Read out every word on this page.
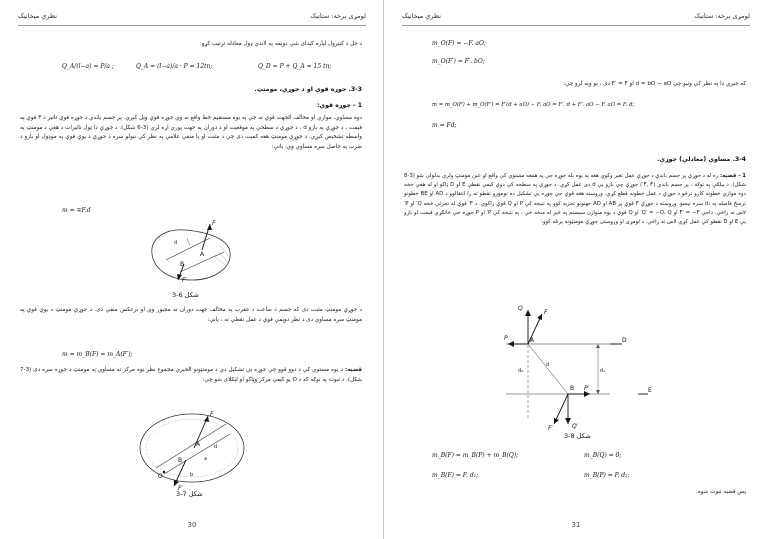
نظري میخانیک	لومړی برخه: ستاتیک
د حل د کنټرول لپاره کیدای شي دوېمه په لاندي ډول معادله ترتیب کړو:
Q_A/(l−a) = P/a ;	Q_A = (l−a)/a · P = 12tn;	Q_D = P + Q_A = 15 tn;
3-3. جوړه قوې او د جوړې، مومنټ.
1 - جوړه قوې:
دوه مساوي، موازي او مخالف الجهت قوې ته چي په یوه مستقیم خط واقع نه وي جوړه قوې ویل کیږي. پر جسم باندي د جوړه قوې تاثیر د F قوې په قیمت ، د جوړې په بازو d ، د جوړې د سطحې په موقعیت او د دوران په جهت پوري اړه لري (3-6 شکل). د جوړې دا ټول تاثیرات د هغې د مومنټ په واسطه تشخیص کیږي. د جوړې مومنټ هغه کمیت دی چي د مثبت او یا منفي علامې په نظر کي نیولو سره د جوړې د یوې قوې په موډول او بازو د ضرب په حاصل سره مساوي وي، یانې:
m = ∓F.d
d
A
B
F
F′
3-6 شکل
د جوړې مومنټ مثبت دی که جسم د ساعت د عقرب په مخالف جهت دوران ته مجبور وي او برعکس منفي دی. د جوړې مومنټ د یوې قوې په مومنټ سره مساوي دی د نظر دوېمې قوې د عمل نقطې ته ، یانې:
m = m_B(F) = m_A(F′);
قضیه: د یوه مستوي کي د دوو قوو جي جوړه یې تشکیل دي د مومنټونو الجبري مجموع نظر یوه مرکز ته مساوي په مومنټ د جوړه سره دی (3-7 شکل). د ثبوت په توګه که د O یو کیفي مرکز وټاکو او لیکلای شو چي:
A
B
O
a
b
d
F
F′
3-7 شکل
30
نظري میخانیک	لومړی برخه: ستاتیک
m_O(F) = −F. aO;
m_O(F′) = F′. bO;
که جبري دا په نظر کي ونیو چي d = bO − aO او F′ = F دی ، نو وبه لرو چي:
m = m_O(F) + m_O(F′) = F′(d + aO) − F. aO = F′. d + F′. aO − F. aO = F. d;
m = Fd;
3-4. مساوي (معادلې) جوړې.
1 - قضیه: ره له د جوړې پر جسم باندې د جوړې عمل تغیر وکوي هغه په یوه بله جوړه جي په همغه مستوي کي واقع او عین مومنټ ولري بدلولی شو (3-8 شکل). د بیلګې په توګه ، پر جسم باندي (F, F′) جوړې چي بازو یې d دی عمل کړي. د جوړې په سطحه کي دوې کیفي نقطې E او D ټاکو او له هغې خخه دوه موازي خطونه کاږو ترڅو د جوړې د عمل خطونه قطع کړي. وروسته هغه قوې جي جوړه یې تشکیل ده نومورو نقطو ته را انتقالوو د AD او BE خطونو ترمنځ فاصله په d₁ سره نیسو. وروسته د جوړې F قوې پر AB او AD جهتونو تجزیه کوو په نتیجه کي P او Q قوې راکوي. د F′ قوې له تجزئې څخه Q′ او P′ لاس ته راځي. داجي F′ = −F او Q′ = −Q، Q′ او Q قوې د یوه متوازن سیستم په څیر له منځه ځي ، په نتیجه کي P′ او P جوړه جي څانګړي قیمت او بازو یې E او D نقطو کي عمل کړي لاس ته راځي. د لومړی او وروستی جوړې مومنټونه پرتله کوو:
A
B
D
E
F
F′
P
P′
Q
Q′
d
d₁
d₂
3-8 شکل
m_B(F) = m_B(P) + m_B(Q);	m_B(Q) = 0;
m_B(F) = F. d₁;	m_B(P) = P. d₂;
پس قضیه ثبوت شوه:
31
